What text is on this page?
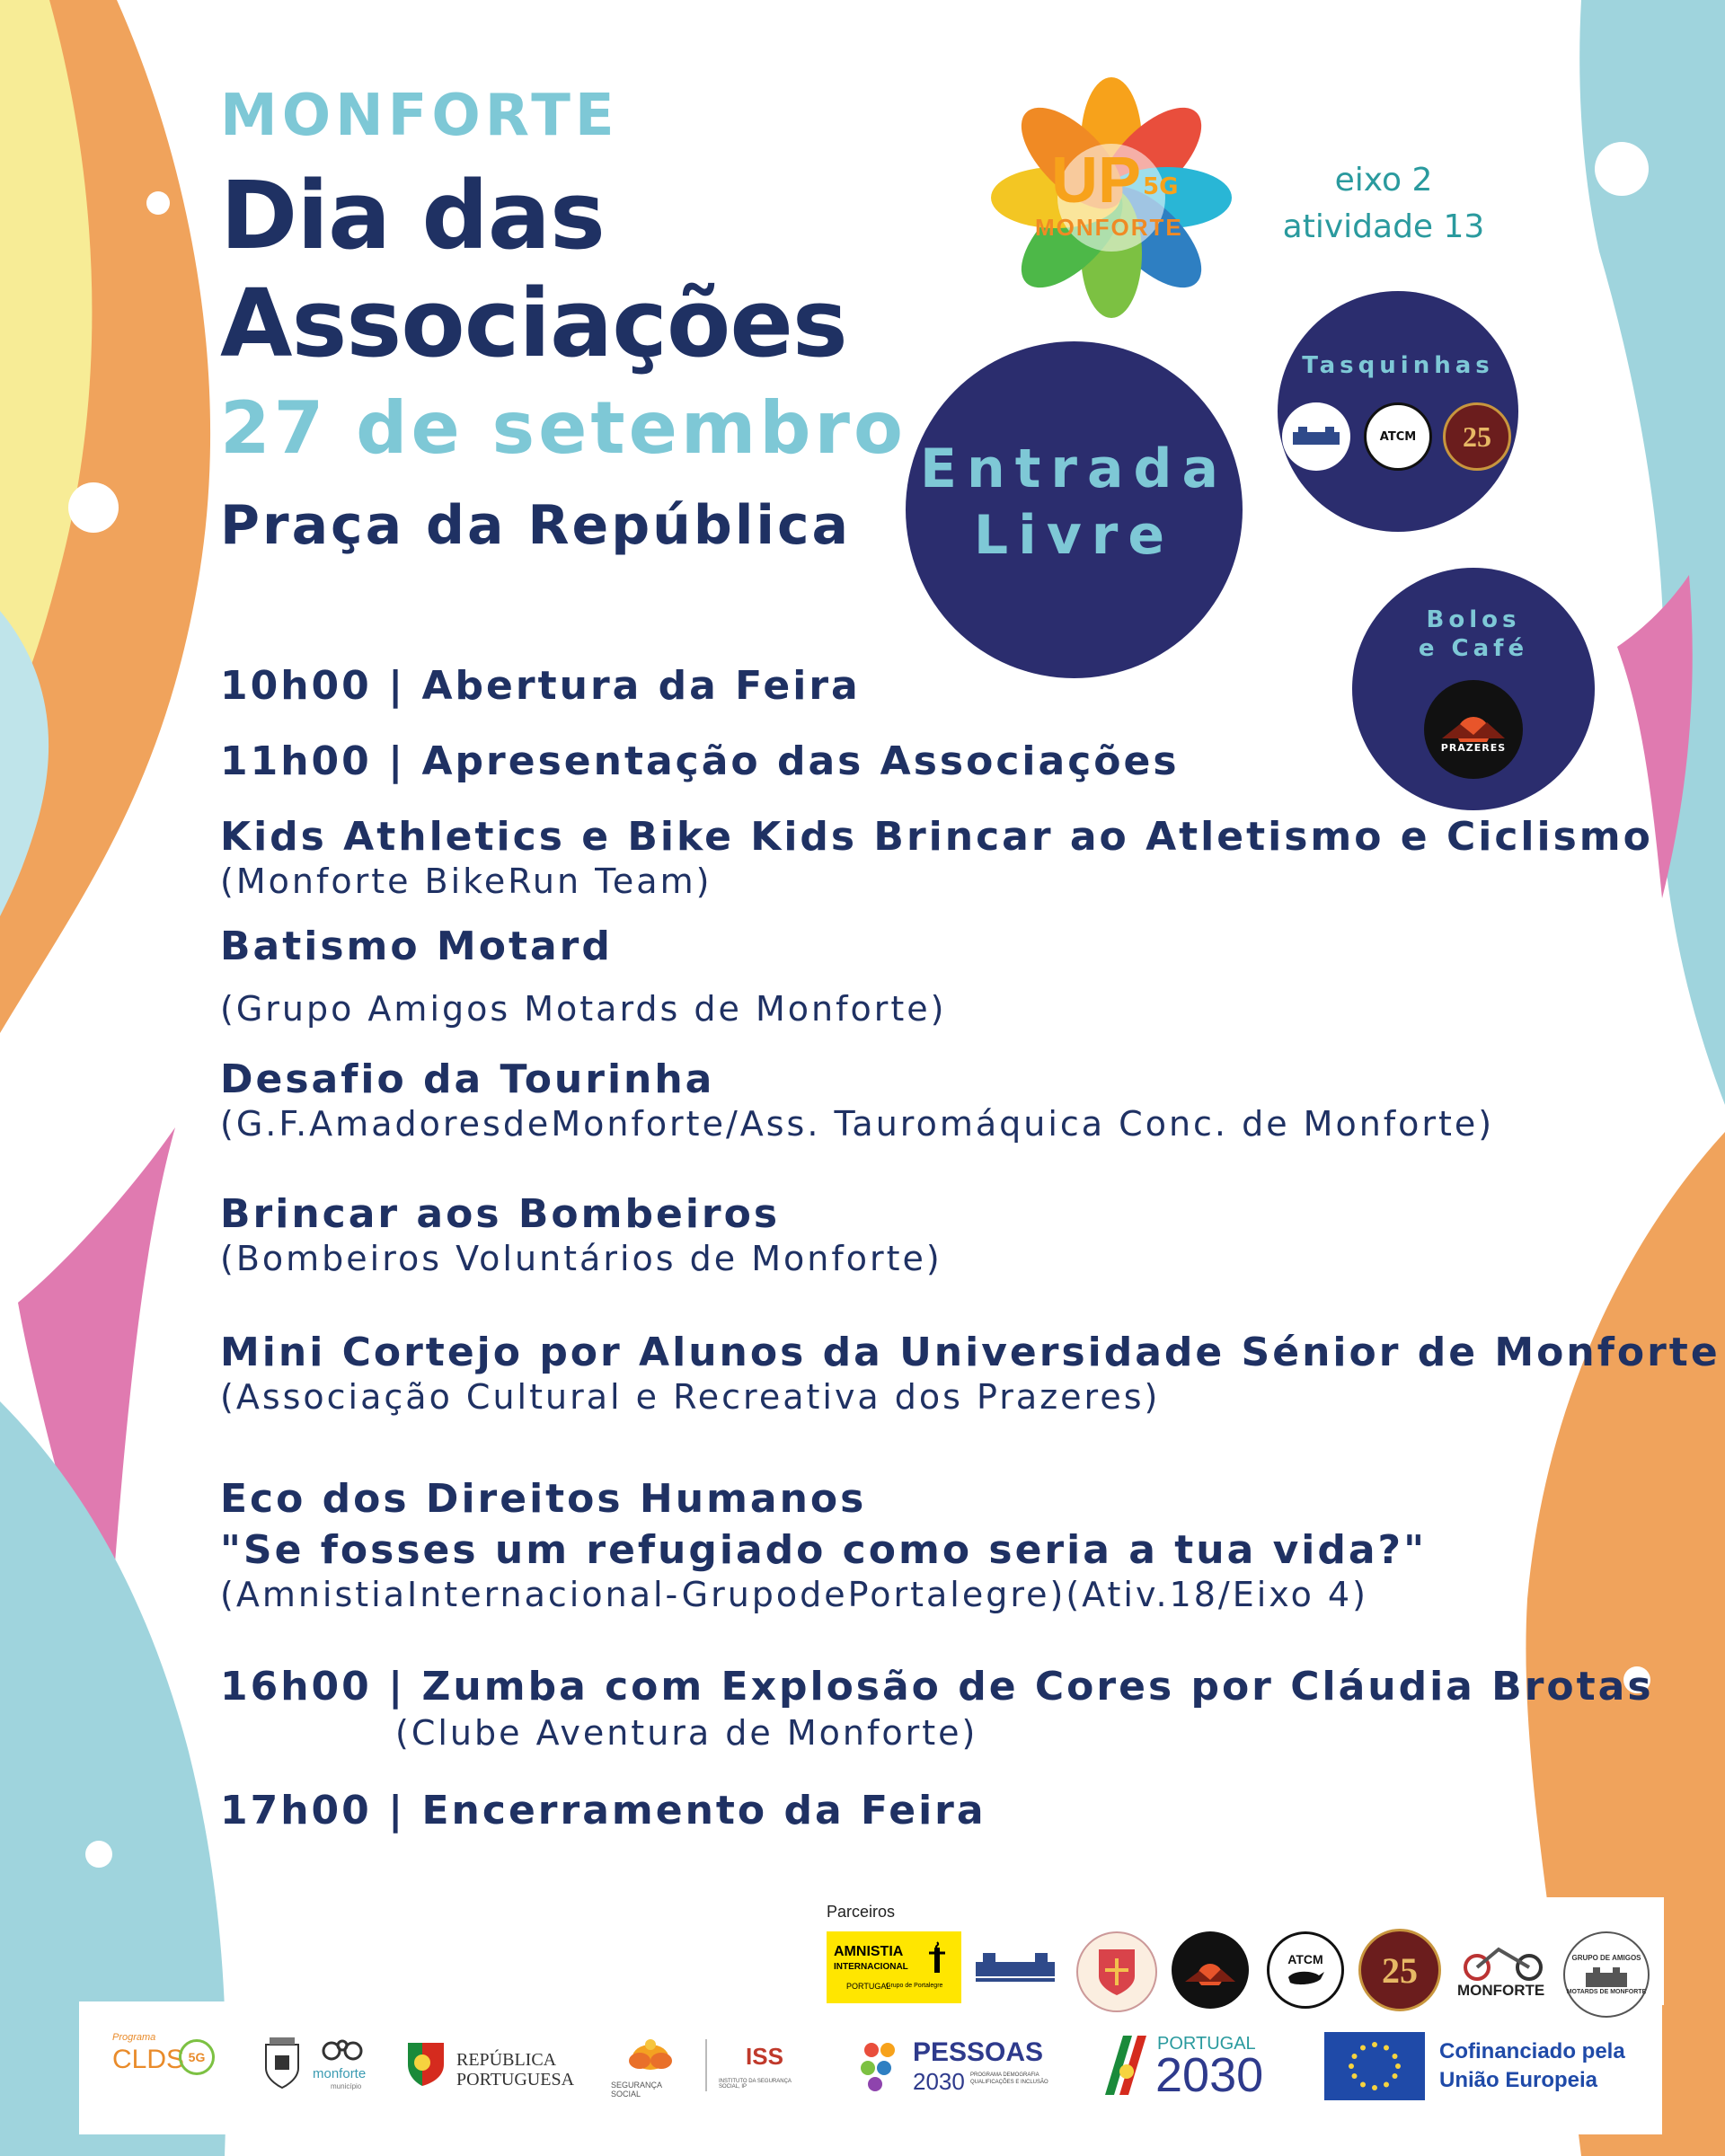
MONFORTE
Dia das
Associações
27 de setembro
Praça da República
UP 5G
MONFORTE
eixo 2
atividade 13
Entrada
Livre
Tasquinhas
ATCM 25
Bolos
e Café
PRAZERES
10h00 | Abertura da Feira
11h00 | Apresentação das Associações
Kids Athletics e Bike Kids Brincar ao Atletismo e Ciclismo
(Monforte BikeRun Team)
Batismo Motard
(Grupo Amigos Motards de Monforte)
Desafio da Tourinha
(G.F.AmadoresdeMonforte/Ass. Tauromáquica Conc. de Monforte)
Brincar aos Bombeiros
(Bombeiros Voluntários de Monforte)
Mini Cortejo por Alunos da Universidade Sénior de Monforte
(Associação Cultural e Recreativa dos Prazeres)
Eco dos Direitos Humanos
"Se fosses um refugiado como seria a tua vida?"
(AmnistiaInternacional-GrupodePortalegre)(Ativ.18/Eixo 4)
16h00 | Zumba com Explosão de Cores por Cláudia Brotas
(Clube Aventura de Monforte)
17h00 | Encerramento da Feira
Parceiros
AMNISTIA
INTERNACIONAL
PORTUGAL
Grupo de Portalegre
ATCM 25	MONFORTE
GRUPO DE AMIGOS
MOTARDS DE MONFORTE
Programa
CLDS 5G
monforte
município
REPÚBLICA
PORTUGUESA	SEGURANÇA SOCIAL
ISS
INSTITUTO DA SEGURANÇA SOCIAL, IP
PESSOAS
2030 PROGRAMA DEMOGRAFIA QUALIFICAÇÕES E INCLUSÃO
PORTUGAL
2030	Cofinanciado pela
União Europeia
